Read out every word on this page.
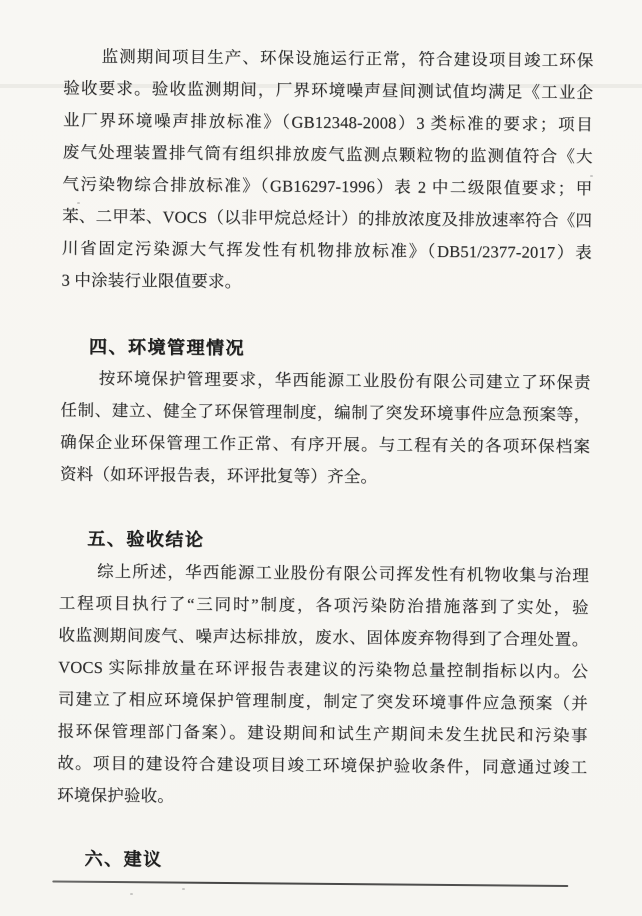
监测期间项目生产、环保设施运行正常，符合建设项目竣工环保
验收要求。验收监测期间，厂界环境噪声昼间测试值均满足《工业企
业厂界环境噪声排放标准》（GB12348-2008）3 类标准的要求；项目
废气处理装置排气筒有组织排放废气监测点颗粒物的监测值符合《大
气污染物综合排放标准》（GB16297-1996）表 2 中二级限值要求；甲
苯、二甲苯、VOCS（以非甲烷总烃计）的排放浓度及排放速率符合《四
川省固定污染源大气挥发性有机物排放标准》（DB51/2377-2017）表
3 中涂装行业限值要求。
四、环境管理情况
按环境保护管理要求，华西能源工业股份有限公司建立了环保责
任制、建立、健全了环保管理制度，编制了突发环境事件应急预案等，
确保企业环保管理工作正常、有序开展。与工程有关的各项环保档案
资料（如环评报告表，环评批复等）齐全。
五、验收结论
综上所述，华西能源工业股份有限公司挥发性有机物收集与治理
工程项目执行了“三同时”制度，各项污染防治措施落到了实处，验
收监测期间废气、噪声达标排放，废水、固体废弃物得到了合理处置。
VOCS 实际排放量在环评报告表建议的污染物总量控制指标以内。公
司建立了相应环境保护管理制度，制定了突发环境事件应急预案（并
报环保管理部门备案）。建设期间和试生产期间未发生扰民和污染事
故。项目的建设符合建设项目竣工环境保护验收条件，同意通过竣工
环境保护验收。
六、建议
